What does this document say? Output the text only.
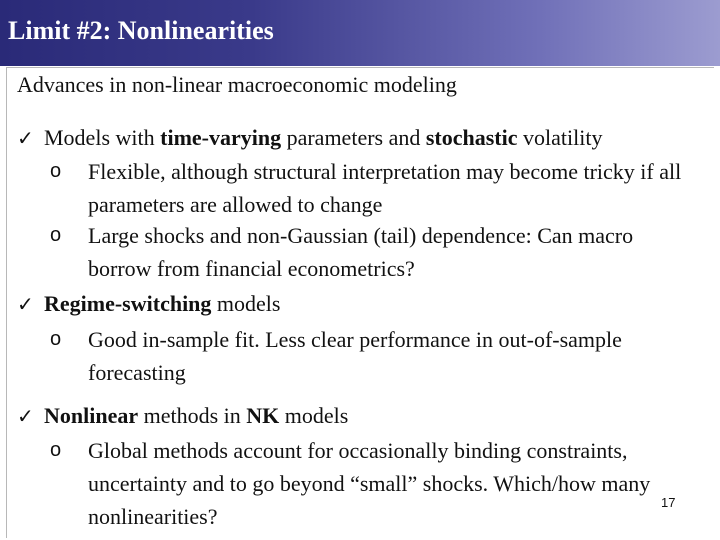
Limit #2: Nonlinearities
Advances in non-linear macroeconomic modeling
✓ Models with time-varying parameters and stochastic volatility
o Flexible, although structural interpretation may become tricky if all parameters are allowed to change
o Large shocks and non-Gaussian (tail) dependence: Can macro borrow from financial econometrics?
✓ Regime-switching models
o Good in-sample fit. Less clear performance in out-of-sample forecasting
✓ Nonlinear methods in NK models
o Global methods account for occasionally binding constraints, uncertainty and to go beyond “small” shocks. Which/how many nonlinearities?
17
